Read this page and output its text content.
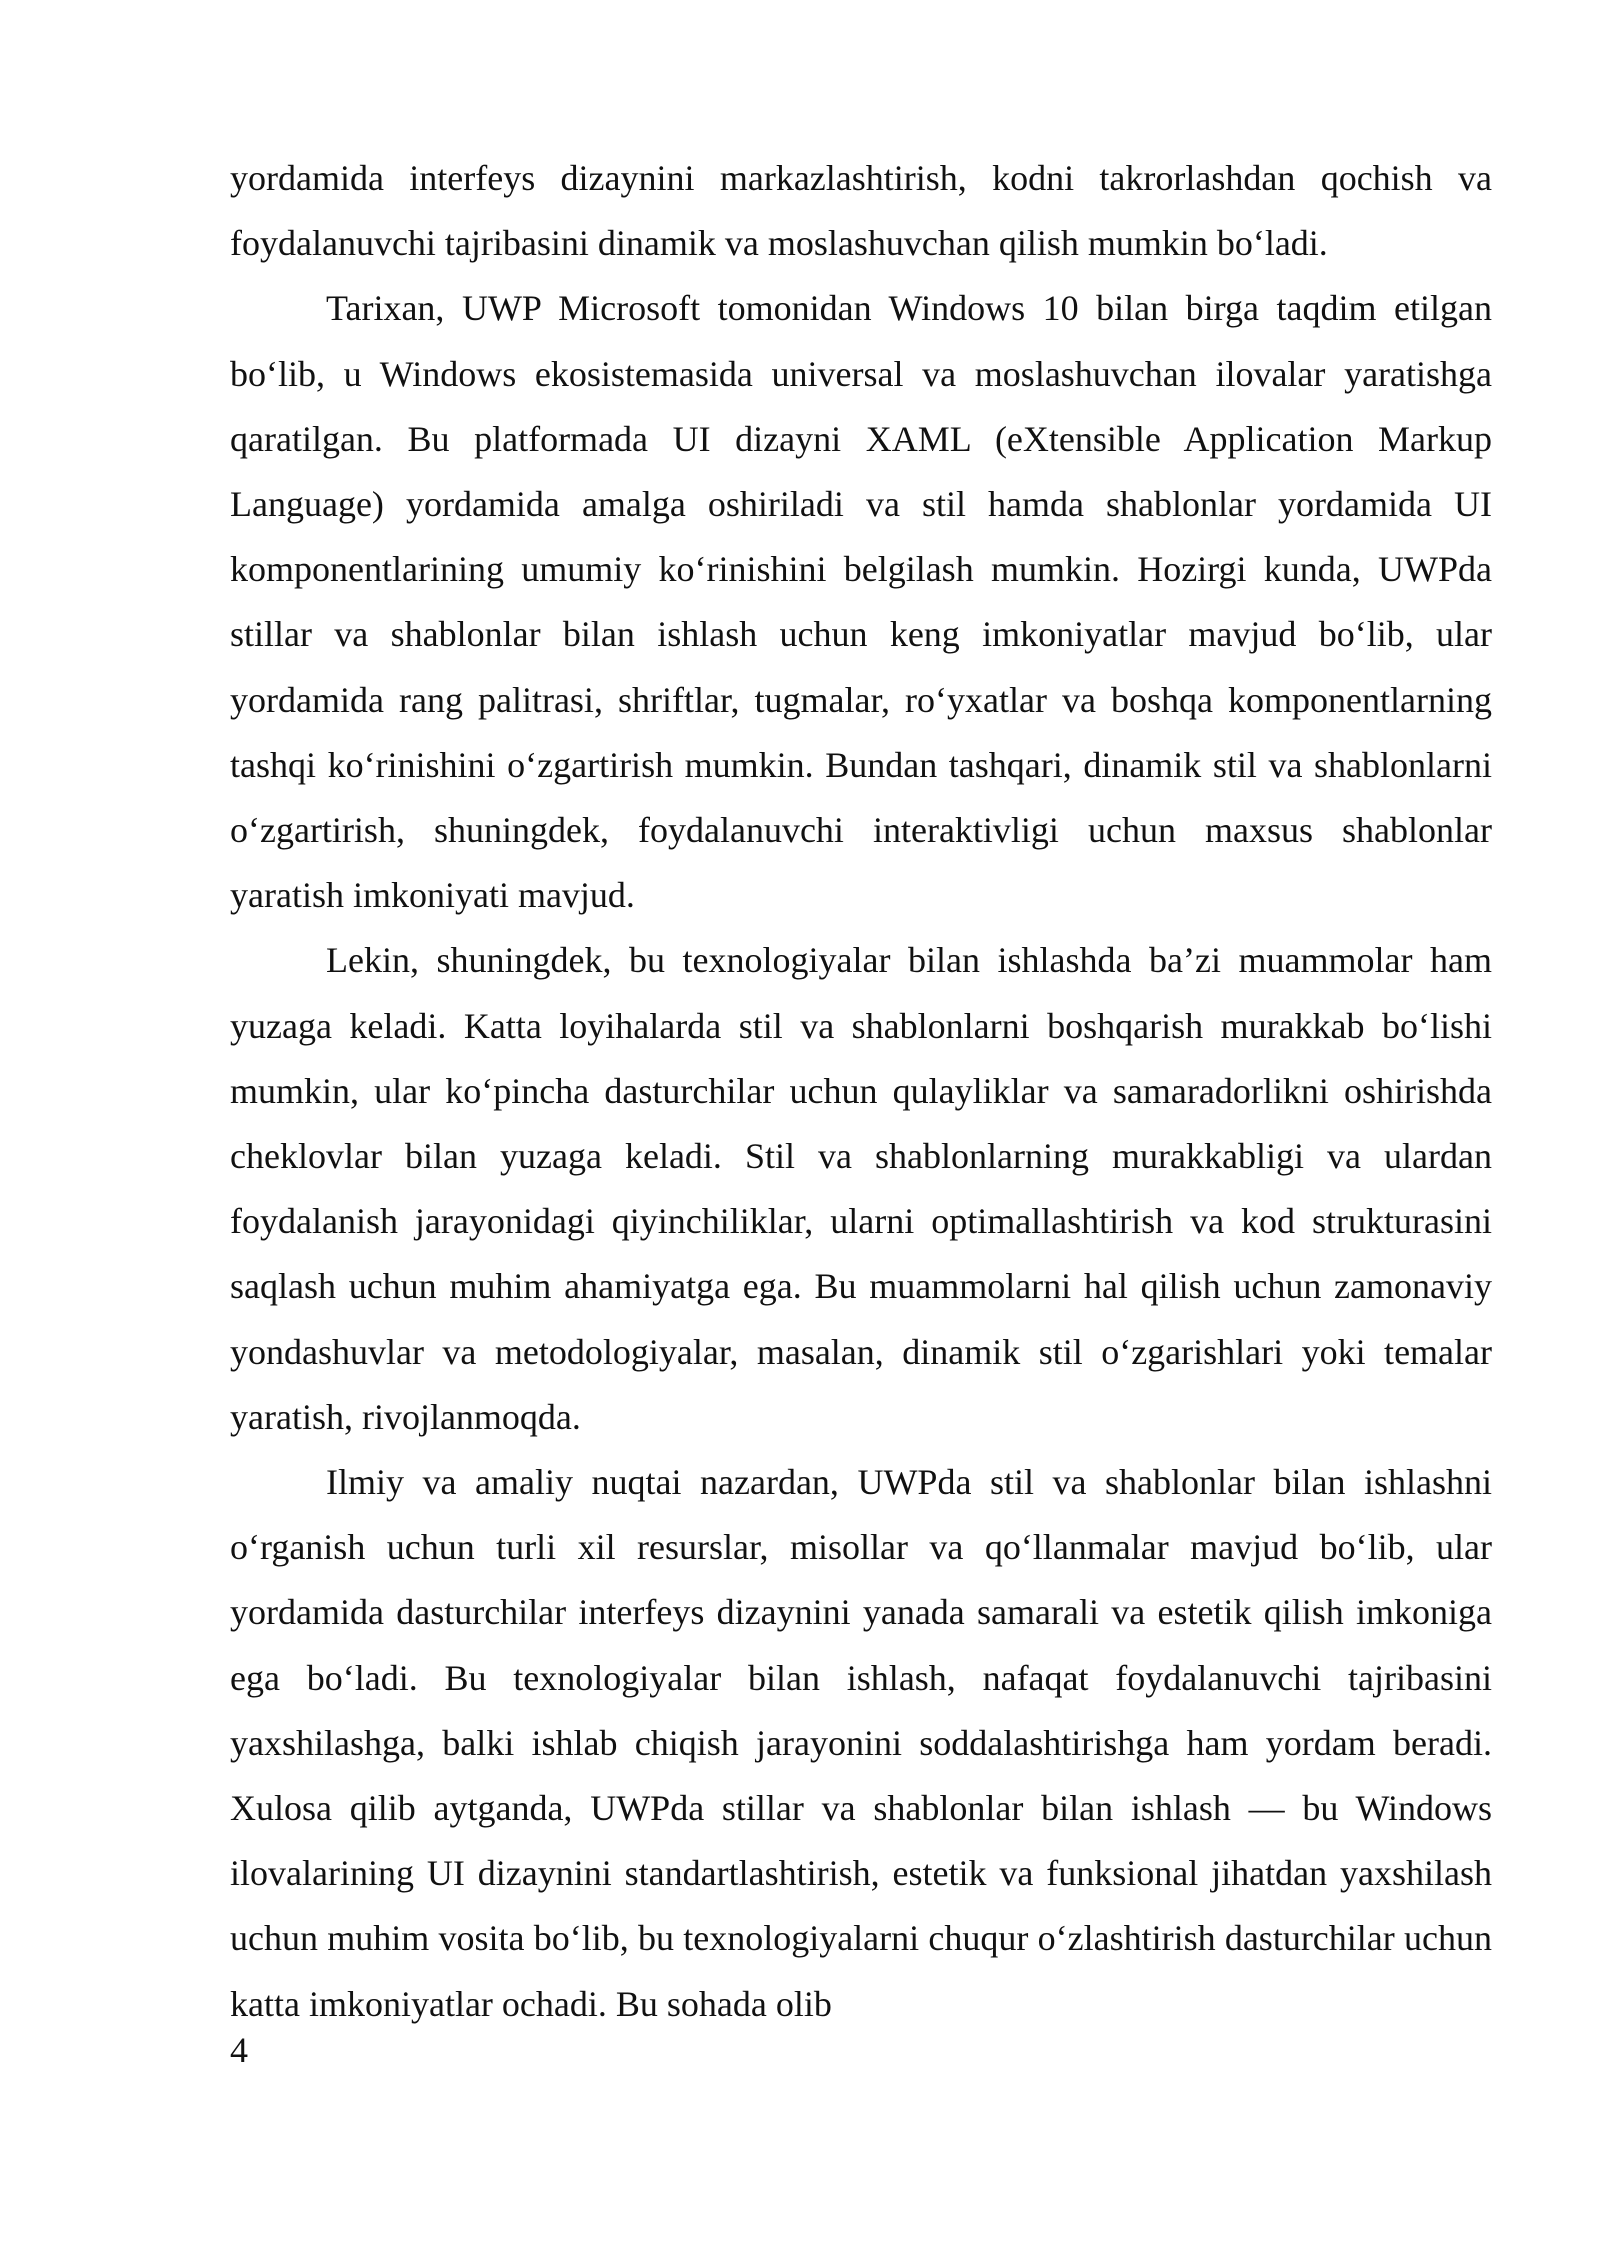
yordamida interfeys dizaynini markazlashtirish, kodni takrorlashdan qochish va foydalanuvchi tajribasini dinamik va moslashuvchan qilish mumkin bo‘ladi.

Tarixan, UWP Microsoft tomonidan Windows 10 bilan birga taqdim etilgan bo‘lib, u Windows ekosistemasida universal va moslashuvchan ilovalar yaratishga qaratilgan. Bu platformada UI dizayni XAML (eXtensible Application Markup Language) yordamida amalga oshiriladi va stil hamda shablonlar yordamida UI komponentlarining umumiy ko‘rinishini belgilash mumkin. Hozirgi kunda, UWPda stillar va shablonlar bilan ishlash uchun keng imkoniyatlar mavjud bo‘lib, ular yordamida rang palitrasi, shriftlar, tugmalar, ro‘yxatlar va boshqa komponentlarning tashqi ko‘rinishini o‘zgartirish mumkin. Bundan tashqari, dinamik stil va shablonlarni o‘zgartirish, shuningdek, foydalanuvchi interaktivligi uchun maxsus shablonlar yaratish imkoniyati mavjud.

Lekin, shuningdek, bu texnologiyalar bilan ishlashda ba’zi muammolar ham yuzaga keladi. Katta loyihalarda stil va shablonlarni boshqarish murakkab bo‘lishi mumkin, ular ko‘pincha dasturchilar uchun qulayliklar va samaradorlikni oshirishda cheklovlar bilan yuzaga keladi. Stil va shablonlarning murakkabligi va ulardan foydalanish jarayonidagi qiyinchiliklar, ularni optimallashtirish va kod strukturasini saqlash uchun muhim ahamiyatga ega. Bu muammolarni hal qilish uchun zamonaviy yondashuvlar va metodologiyalar, masalan, dinamik stil o‘zgarishlari yoki temalar yaratish, rivojlanmoqda.

Ilmiy va amaliy nuqtai nazardan, UWPda stil va shablonlar bilan ishlashni o‘rganish uchun turli xil resurslar, misollar va qo‘llanmalar mavjud bo‘lib, ular yordamida dasturchilar interfeys dizaynini yanada samarali va estetik qilish imkoniga ega bo‘ladi. Bu texnologiyalar bilan ishlash, nafaqat foydalanuvchi tajribasini yaxshilashga, balki ishlab chiqish jarayonini soddalashtirishga ham yordam beradi. Xulosa qilib aytganda, UWPda stillar va shablonlar bilan ishlash — bu Windows ilovalarining UI dizaynini standartlashtirish, estetik va funksional jihatdan yaxshilash uchun muhim vosita bo‘lib, bu texnologiyalarni chuqur o‘zlashtirish dasturchilar uchun katta imkoniyatlar ochadi. Bu sohada olib

4
